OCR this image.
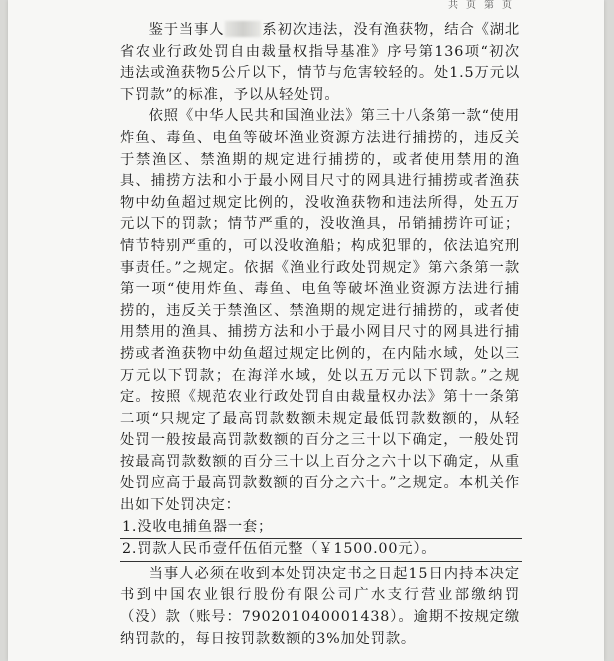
共页第页

鉴于当事人	系初次违法，没有渔获物，结合《湖北省农业行政处罚自由裁量权指导基准》序号第136项“初次违法或渔获物5公斤以下，情节与危害较轻的。处1.5万元以下罚款”的标准，予以从轻处罚。

依照《中华人民共和国渔业法》第三十八条第一款“使用炸鱼、毒鱼、电鱼等破坏渔业资源方法进行捕捞的，违反关于禁渔区、禁渔期的规定进行捕捞的，或者使用禁用的渔具、捕捞方法和小于最小网目尺寸的网具进行捕捞或者渔获物中幼鱼超过规定比例的，没收渔获物和违法所得，处五万元以下的罚款；情节严重的，没收渔具，吊销捕捞许可证；情节特别严重的，可以没收渔船；构成犯罪的，依法追究刑事责任。”之规定。依据《渔业行政处罚规定》第六条第一款第一项“使用炸鱼、毒鱼、电鱼等破坏渔业资源方法进行捕捞的，违反关于禁渔区、禁渔期的规定进行捕捞的，或者使用禁用的渔具、捕捞方法和小于最小网目尺寸的网具进行捕捞或者渔获物中幼鱼超过规定比例的，在内陆水域，处以三万元以下罚款；在海洋水域，处以五万元以下罚款。”之规定。按照《规范农业行政处罚自由裁量权办法》第十一条第二项“只规定了最高罚款数额未规定最低罚款数额的，从轻处罚一般按最高罚款数额的百分之三十以下确定，一般处罚按最高罚款数额的百分三十以上百分之六十以下确定，从重处罚应高于最高罚款数额的百分之六十。”之规定。本机关作出如下处罚决定：

1.没收电捕鱼器一套；
2.罚款人民币壹仟伍佰元整（￥1500.00元）。

当事人必须在收到本处罚决定书之日起15日内持本决定书到中国农业银行股份有限公司广水支行营业部缴纳罚（没）款（账号：790201040001438）。逾期不按规定缴纳罚款的，每日按罚款数额的3%加处罚款。
